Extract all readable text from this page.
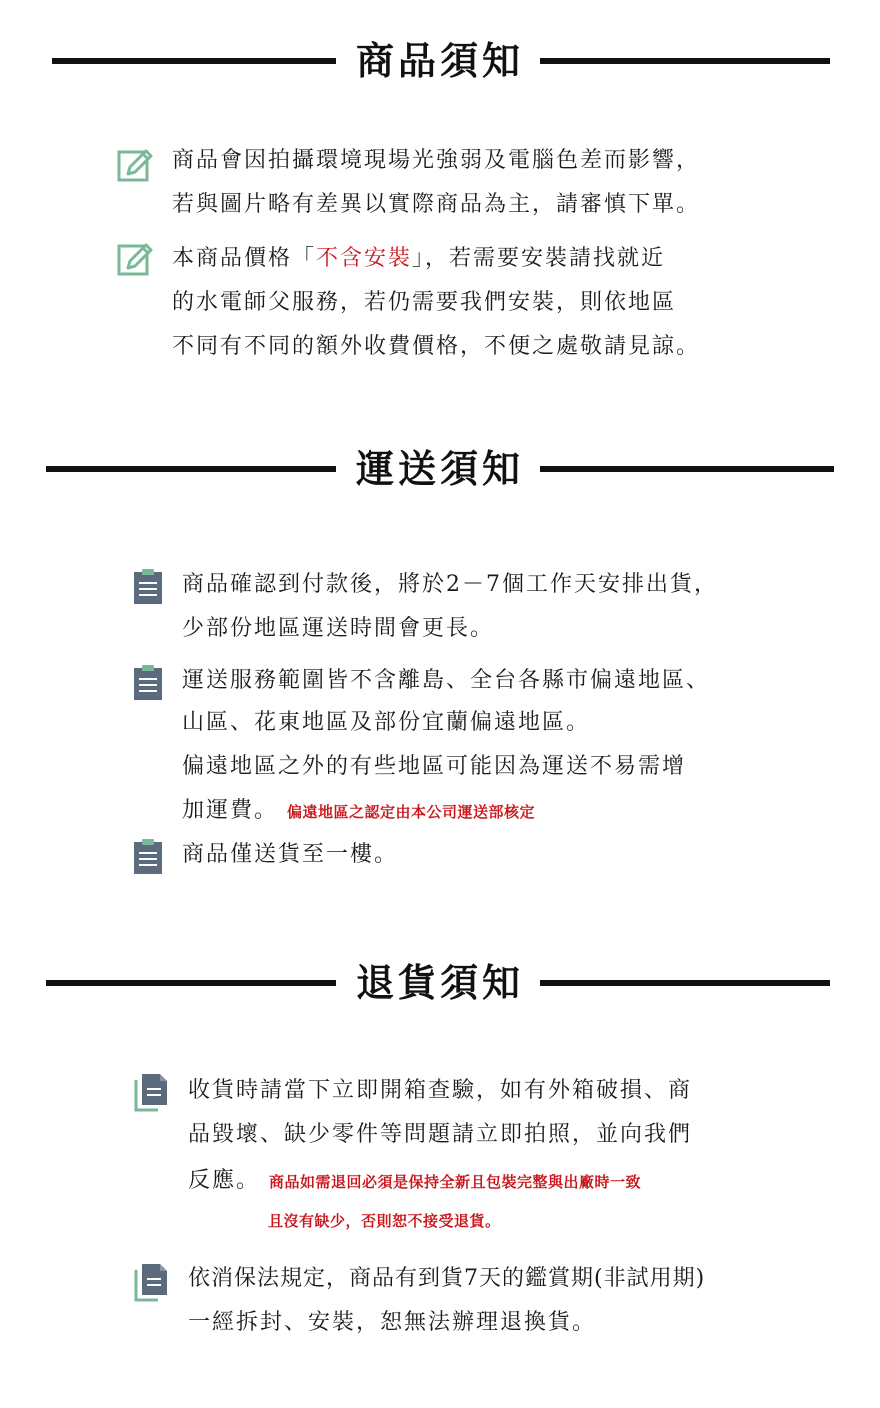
商品須知
商品會因拍攝環境現場光強弱及電腦色差而影響，
若與圖片略有差異以實際商品為主，請審慎下單。
本商品價格「不含安裝」，若需要安裝請找就近
的水電師父服務，若仍需要我們安裝，則依地區
不同有不同的額外收費價格，不便之處敬請見諒。
運送須知
商品確認到付款後，將於2－7個工作天安排出貨，
少部份地區運送時間會更長。
運送服務範圍皆不含離島、全台各縣市偏遠地區、
山區、花東地區及部份宜蘭偏遠地區。
偏遠地區之外的有些地區可能因為運送不易需增
加運費。 偏遠地區之認定由本公司運送部核定
商品僅送貨至一樓。
退貨須知
收貨時請當下立即開箱查驗，如有外箱破損、商
品毀壞、缺少零件等問題請立即拍照，並向我們
反應。 商品如需退回必須是保持全新且包裝完整與出廠時一致
且沒有缺少，否則恕不接受退貨。
依消保法規定，商品有到貨7天的鑑賞期(非試用期)
一經拆封、安裝，恕無法辦理退換貨。
